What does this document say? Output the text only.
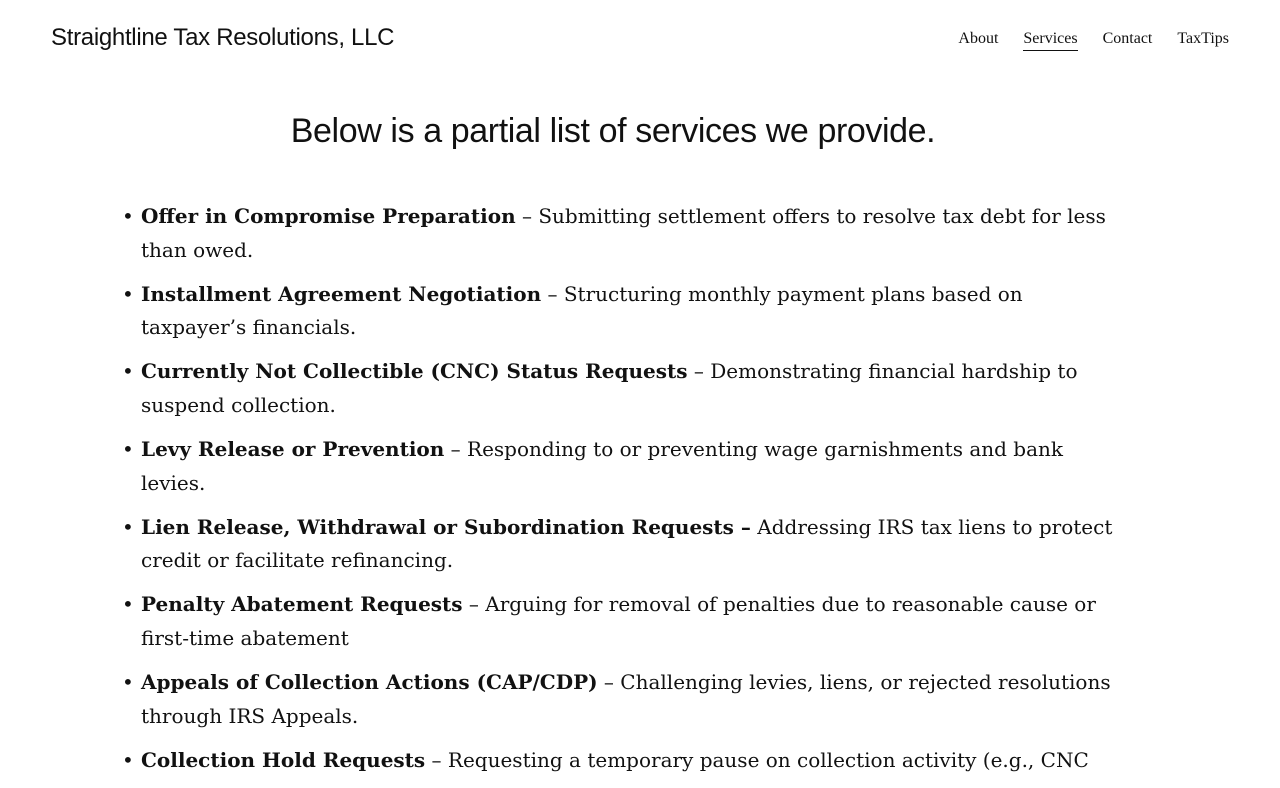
Straightline Tax Resolutions, LLC	About Services Contact TaxTips
Below is a partial list of services we provide.
• Offer in Compromise Preparation – Submitting settlement offers to resolve tax debt for less than owed.
• Installment Agreement Negotiation – Structuring monthly payment plans based on taxpayer’s financials.
• Currently Not Collectible (CNC) Status Requests – Demonstrating financial hardship to suspend collection.
• Levy Release or Prevention – Responding to or preventing wage garnishments and bank levies.
• Lien Release, Withdrawal or Subordination Requests – Addressing IRS tax liens to protect credit or facilitate refinancing.
• Penalty Abatement Requests – Arguing for removal of penalties due to reasonable cause or first-time abatement
• Appeals of Collection Actions (CAP/CDP) – Challenging levies, liens, or rejected resolutions through IRS Appeals.
• Collection Hold Requests – Requesting a temporary pause on collection activity (e.g., CNC
